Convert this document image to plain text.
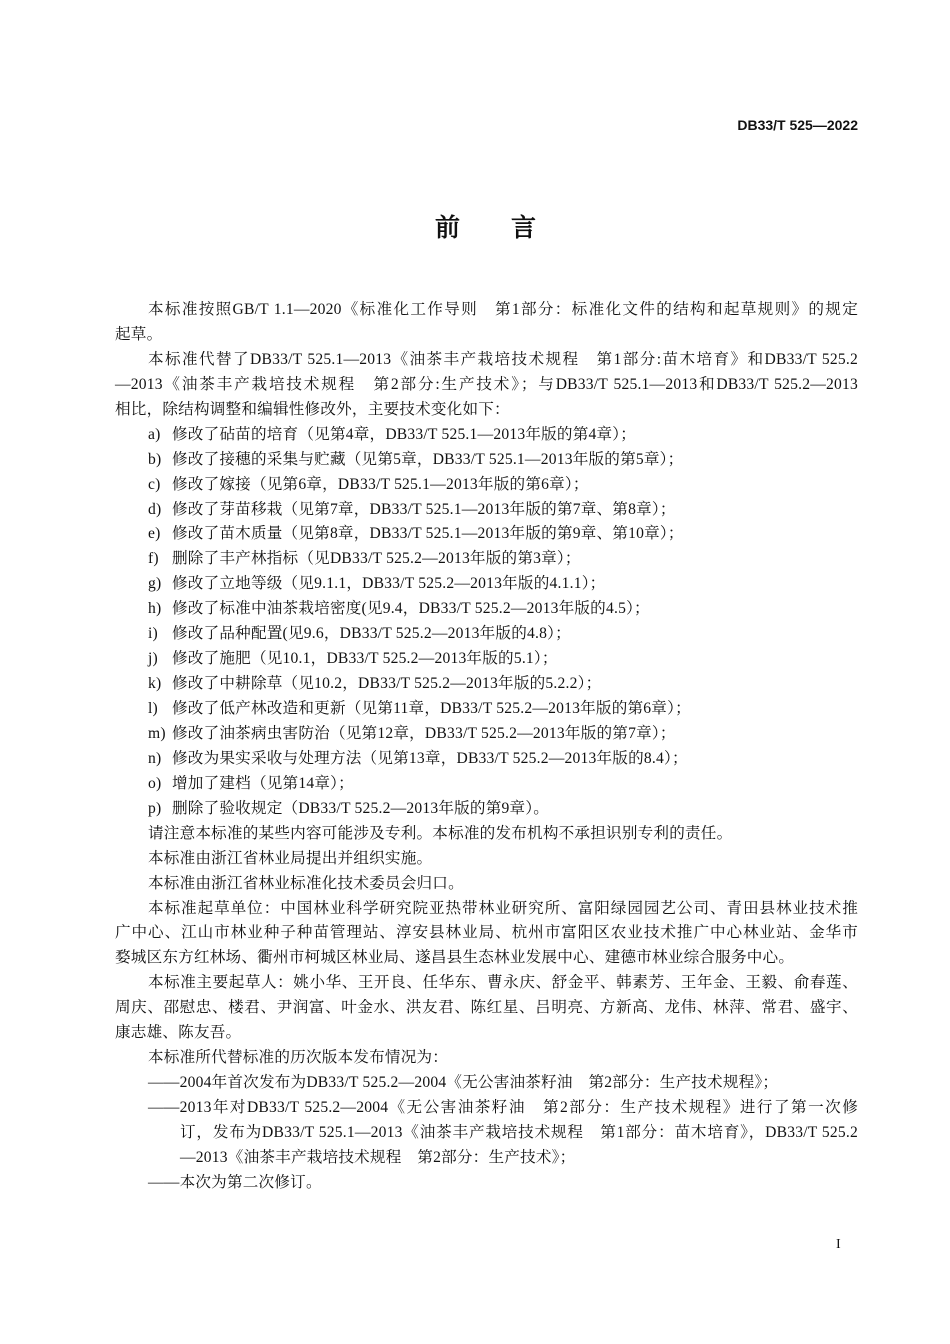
DB33/T 525—2022
前　言
本标准按照GB/T 1.1—2020《标准化工作导则　第1部分：标准化文件的结构和起草规则》的规定
起草。
本标准代替了DB33/T 525.1—2013《油茶丰产栽培技术规程　第1部分:苗木培育》和DB33/T 525.2
—2013《油茶丰产栽培技术规程　第2部分:生产技术》；与DB33/T 525.1—2013和DB33/T 525.2—2013
相比，除结构调整和编辑性修改外，主要技术变化如下：
a) 修改了砧苗的培育（见第4章，DB33/T 525.1—2013年版的第4章）；
b) 修改了接穗的采集与贮藏（见第5章，DB33/T 525.1—2013年版的第5章）；
c) 修改了嫁接（见第6章，DB33/T 525.1—2013年版的第6章）；
d) 修改了芽苗移栽（见第7章，DB33/T 525.1—2013年版的第7章、第8章）；
e) 修改了苗木质量（见第8章，DB33/T 525.1—2013年版的第9章、第10章）；
f) 删除了丰产林指标（见DB33/T 525.2—2013年版的第3章）；
g) 修改了立地等级（见9.1.1，DB33/T 525.2—2013年版的4.1.1）；
h) 修改了标准中油茶栽培密度(见9.4，DB33/T 525.2—2013年版的4.5）；
i) 修改了品种配置(见9.6，DB33/T 525.2—2013年版的4.8）；
j) 修改了施肥（见10.1，DB33/T 525.2—2013年版的5.1）；
k) 修改了中耕除草（见10.2，DB33/T 525.2—2013年版的5.2.2）；
l) 修改了低产林改造和更新（见第11章，DB33/T 525.2—2013年版的第6章）；
m) 修改了油茶病虫害防治（见第12章，DB33/T 525.2—2013年版的第7章）；
n) 修改为果实采收与处理方法（见第13章，DB33/T 525.2—2013年版的8.4）；
o) 增加了建档（见第14章）；
p) 删除了验收规定（DB33/T 525.2—2013年版的第9章）。
请注意本标准的某些内容可能涉及专利。本标准的发布机构不承担识别专利的责任。
本标准由浙江省林业局提出并组织实施。
本标准由浙江省林业标准化技术委员会归口。
本标准起草单位：中国林业科学研究院亚热带林业研究所、富阳绿园园艺公司、青田县林业技术推
广中心、江山市林业种子种苗管理站、淳安县林业局、杭州市富阳区农业技术推广中心林业站、金华市
婺城区东方红林场、衢州市柯城区林业局、遂昌县生态林业发展中心、建德市林业综合服务中心。
本标准主要起草人：姚小华、王开良、任华东、曹永庆、舒金平、韩素芳、王年金、王毅、俞春莲、
周庆、邵慰忠、楼君、尹润富、叶金水、洪友君、陈红星、吕明亮、方新高、龙伟、林萍、常君、盛宇、
康志雄、陈友吾。
本标准所代替标准的历次版本发布情况为：
——2004年首次发布为DB33/T 525.2—2004《无公害油茶籽油　第2部分：生产技术规程》；
——2013年对DB33/T 525.2—2004《无公害油茶籽油　第2部分：生产技术规程》进行了第一次修
订，发布为DB33/T 525.1—2013《油茶丰产栽培技术规程　第1部分：苗木培育》，DB33/T 525.2
—2013《油茶丰产栽培技术规程　第2部分：生产技术》；
——本次为第二次修订。
I
